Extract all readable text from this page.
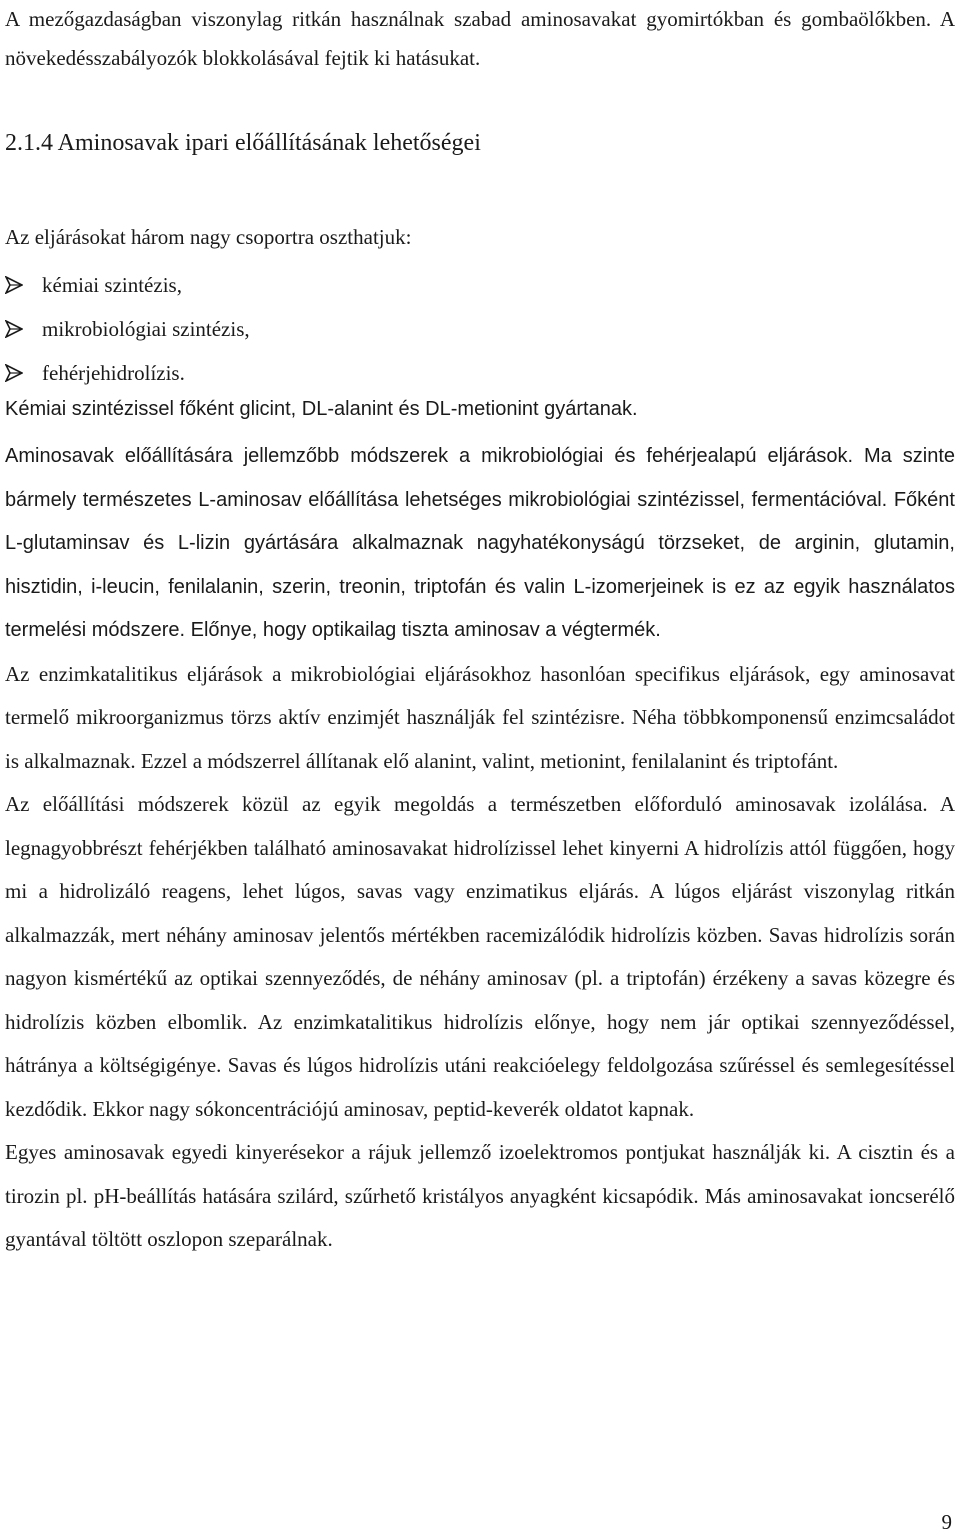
A mezőgazdaságban viszonylag ritkán használnak szabad aminosavakat gyomirtókban és gombaölőkben. A növekedésszabályozók blokkolásával fejtik ki hatásukat.

2.1.4 Aminosavak ipari előállításának lehetőségei

Az eljárásokat három nagy csoportra oszthatjuk:

kémiai szintézis,
mikrobiológiai szintézis,
fehérjehidrolízis.

Kémiai szintézissel főként glicint, DL-alanint és DL-metionint gyártanak.

Aminosavak előállítására jellemzőbb módszerek a mikrobiológiai és fehérjealapú eljárások. Ma szinte bármely természetes L-aminosav előállítása lehetséges mikrobiológiai szintézissel, fermentációval. Főként L-glutaminsav és L-lizin gyártására alkalmaznak nagyhatékonyságú törzseket, de arginin, glutamin, hisztidin, i-leucin, fenilalanin, szerin, treonin, triptofán és valin L-izomerjeinek is ez az egyik használatos termelési módszere. Előnye, hogy optikailag tiszta aminosav a végtermék.

Az enzimkatalitikus eljárások a mikrobiológiai eljárásokhoz hasonlóan specifikus eljárások, egy aminosavat termelő mikroorganizmus törzs aktív enzimjét használják fel szintézisre. Néha többkomponensű enzimcsaládot is alkalmaznak. Ezzel a módszerrel állítanak elő alanint, valint, metionint, fenilalanint és triptofánt.

Az előállítási módszerek közül az egyik megoldás a természetben előforduló aminosavak izolálása. A legnagyobbrészt fehérjékben található aminosavakat hidrolízissel lehet kinyerni A hidrolízis attól függően, hogy mi a hidrolizáló reagens, lehet lúgos, savas vagy enzimatikus eljárás. A lúgos eljárást viszonylag ritkán alkalmazzák, mert néhány aminosav jelentős mértékben racemizálódik hidrolízis közben. Savas hidrolízis során nagyon kismértékű az optikai szennyeződés, de néhány aminosav (pl. a triptofán) érzékeny a savas közegre és hidrolízis közben elbomlik. Az enzimkatalitikus hidrolízis előnye, hogy nem jár optikai szennyeződéssel, hátránya a költségigénye. Savas és lúgos hidrolízis utáni reakcióelegy feldolgozása szűréssel és semlegesítéssel kezdődik. Ekkor nagy sókoncentrációjú aminosav, peptid-keverék oldatot kapnak.

Egyes aminosavak egyedi kinyerésekor a rájuk jellemző izoelektromos pontjukat használják ki. A cisztin és a tirozin pl. pH-beállítás hatására szilárd, szűrhető kristályos anyagként kicsapódik. Más aminosavakat ioncserélő gyantával töltött oszlopon szeparálnak.

9
